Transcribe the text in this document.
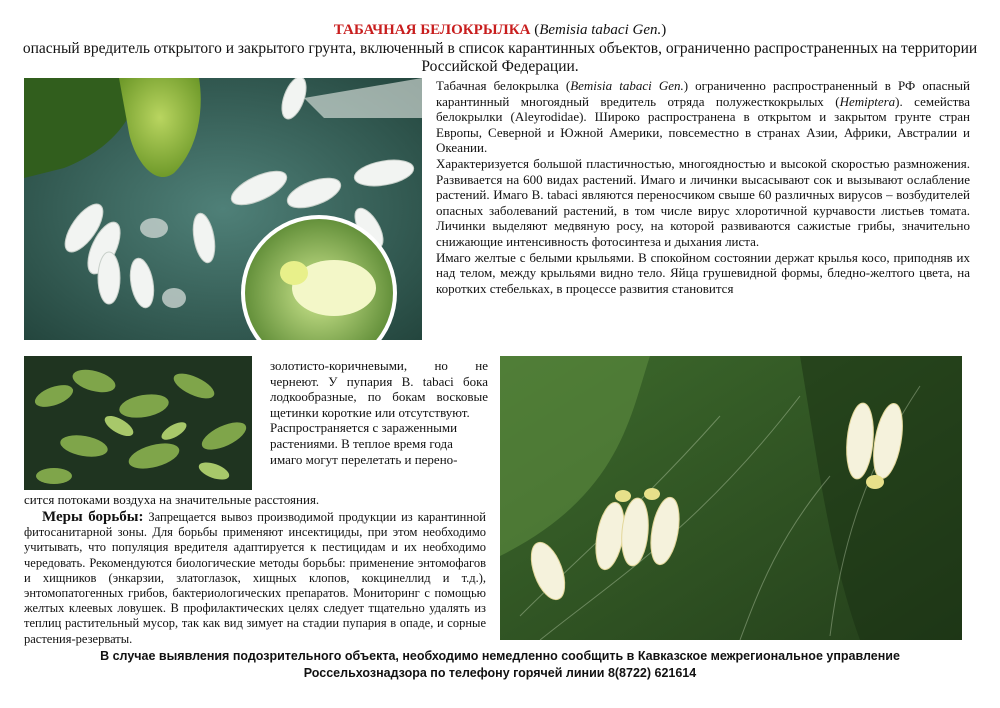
ТАБАЧНАЯ БЕЛОКРЫЛКА (Bemisia tabaci Gen.)
опасный вредитель открытого и закрытого грунта, включенный в список карантинных объектов, ограниченно распространенных на территории Российской Федерации.

Табачная белокрылка (Bemisia tabaci Gen.) ограниченно распространенный в РФ опасный карантинный многоядный вредитель отряда полужесткокрылых (Hemiptera). семейства белокрылки (Aleyrodidae). Широко распространена в открытом и закрытом грунте стран Европы, Северной и Южной Америки, повсеместно в странах Азии, Африки, Австралии и Океании.

Характеризуется большой пластичностью, многоядностью и высокой скоростью размножения. Развивается на 600 видах растений. Имаго и личинки высасывают сок и вызывают ослабление растений. Имаго B. tabaci являются переносчиком свыше 60 различных вирусов – возбудителей опасных заболеваний растений, в том числе вирус хлоротичной курчавости листьев томата. Личинки выделяют медвяную росу, на которой развиваются сажистые грибы, значительно снижающие интенсивность фотосинтеза и дыхания листа.

Имаго желтые с белыми крыльями. В спокойном состоянии держат крылья косо, приподняв их над телом, между крыльями видно тело. Яйца грушевидной формы, бледно-желтого цвета, на коротких стебельках, в процессе развития становится

золотисто-коричневыми, но не чернеют. У пупария B. tabaci бока лодкообразные, по бокам восковые щетинки короткие или отсутствуют.

Распространяется с зараженными растениями. В теплое время года имаго могут перелетать и перено-

сится потоками воздуха на значительные расстояния.
Меры борьбы: Запрещается вывоз производимой продукции из карантинной фитосанитарной зоны. Для борьбы применяют инсектициды, при этом необходимо учитывать, что популяция вредителя адаптируется к пестицидам и их необходимо чередовать. Рекомендуются биологические методы борьбы: применение энтомофагов и хищников (энкарзии, златоглазок, хищных клопов, кокцинеллид и т.д.), энтомопатогенных грибов, бактериологических препаратов. Мониторинг с помощью желтых клеевых ловушек. В профилактических целях следует тщательно удалять из теплиц растительный мусор, так как вид зимует на стадии пупария в опаде, и сорные растения-резерваты.
В случае выявления подозрительного объекта, необходимо немедленно сообщить в Кавказское межрегиональное управление
Россельхознадзора по телефону горячей линии 8(8722) 621614
